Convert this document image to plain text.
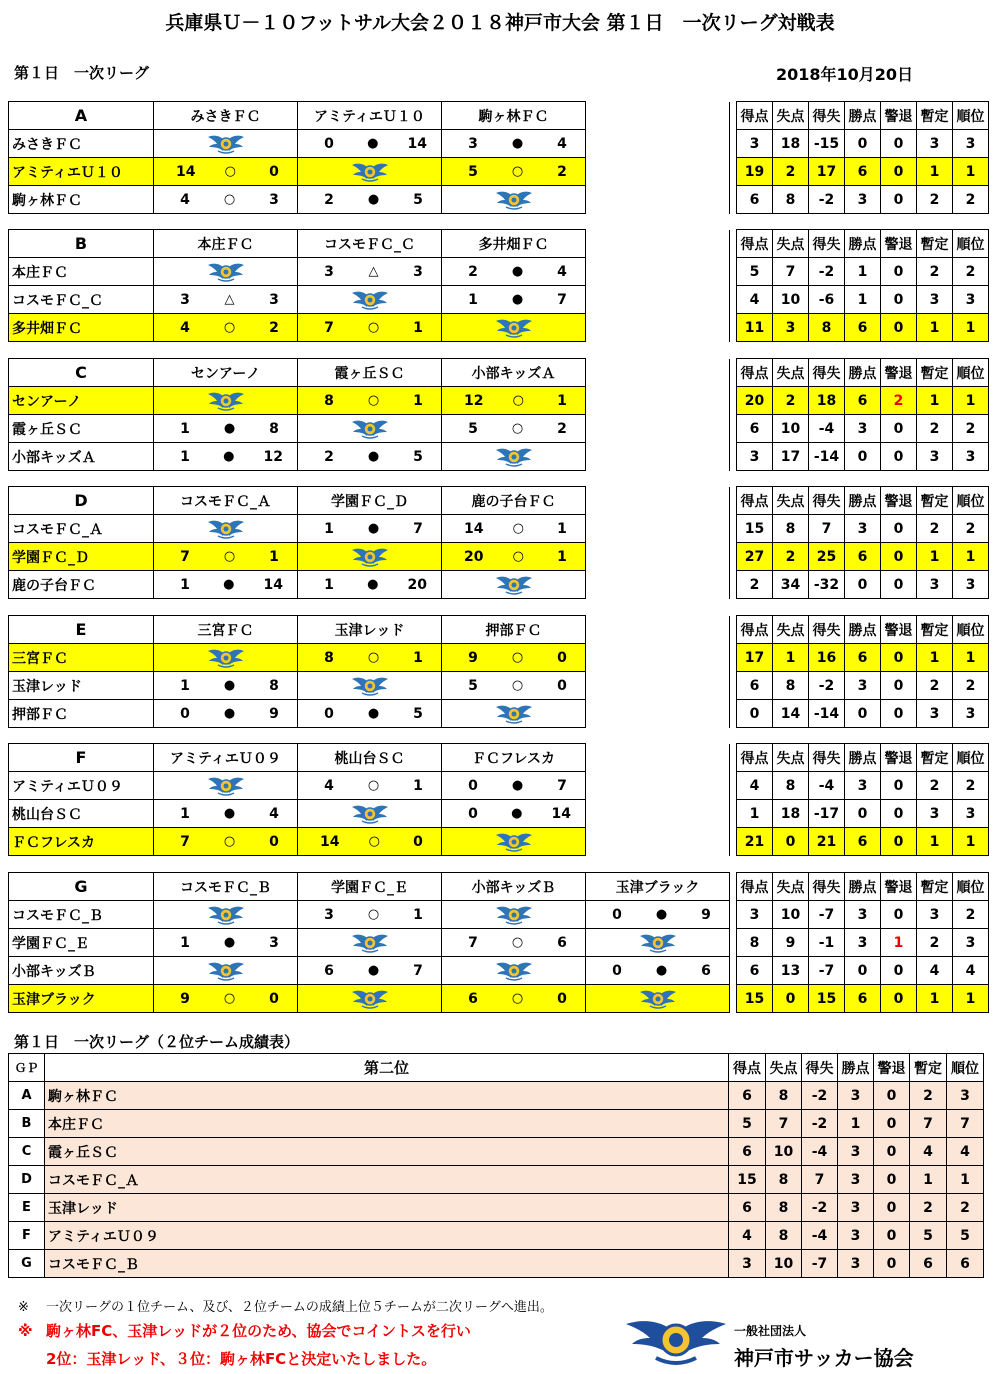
兵庫県Ｕ－１０フットサル大会２０１８神戸市大会 第１日　一次リーグ対戦表
第１日　一次リーグ	2018年10月20日
A	みさきＦＣ	アミティエＵ１０	駒ヶ林ＦＣ			得点	失点	得失	勝点	警退	暫定	順位
みさきＦＣ		0 ● 14	3 ● 4			3	18	-15	0	0	3	3
アミティエＵ１０	14 ○ 0		5 ○ 2			19	2	17	6	0	1	1
駒ヶ林ＦＣ	4 ○ 3	2 ● 5				6	8	-2	3	0	2	2
B	本庄ＦＣ	コスモＦＣ_Ｃ	多井畑ＦＣ			得点	失点	得失	勝点	警退	暫定	順位
本庄ＦＣ		3 △ 3	2 ● 4			5	7	-2	1	0	2	2
コスモＦＣ_Ｃ	3 △ 3		1 ● 7			4	10	-6	1	0	3	3
多井畑ＦＣ	4 ○ 2	7 ○ 1				11	3	8	6	0	1	1
C	センアーノ	霞ヶ丘ＳＣ	小部キッズＡ			得点	失点	得失	勝点	警退	暫定	順位
センアーノ		8 ○ 1	12 ○ 1			20	2	18	6	2	1	1
霞ヶ丘ＳＣ	1 ● 8		5 ○ 2			6	10	-4	3	0	2	2
小部キッズＡ	1 ● 12	2 ● 5				3	17	-14	0	0	3	3
D	コスモＦＣ_Ａ	学園ＦＣ_Ｄ	鹿の子台ＦＣ			得点	失点	得失	勝点	警退	暫定	順位
コスモＦＣ_Ａ		1 ● 7	14 ○ 1			15	8	7	3	0	2	2
学園ＦＣ_Ｄ	7 ○ 1		20 ○ 1			27	2	25	6	0	1	1
鹿の子台ＦＣ	1 ● 14	1 ● 20				2	34	-32	0	0	3	3
E	三宮ＦＣ	玉津レッド	押部ＦＣ			得点	失点	得失	勝点	警退	暫定	順位
三宮ＦＣ		8 ○ 1	9 ○ 0			17	1	16	6	0	1	1
玉津レッド	1 ● 8		5 ○ 0			6	8	-2	3	0	2	2
押部ＦＣ	0 ● 9	0 ● 5				0	14	-14	0	0	3	3
F	アミティエＵ０９	桃山台ＳＣ	ＦＣフレスカ			得点	失点	得失	勝点	警退	暫定	順位
アミティエＵ０９		4 ○ 1	0 ● 7			4	8	-4	3	0	2	2
桃山台ＳＣ	1 ● 4		0 ● 14			1	18	-17	0	0	3	3
ＦＣフレスカ	7 ○ 0	14 ○ 0				21	0	21	6	0	1	1
G	コスモＦＣ_Ｂ	学園ＦＣ_Ｅ	小部キッズＢ	玉津ブラック		得点	失点	得失	勝点	警退	暫定	順位
コスモＦＣ_Ｂ		3 ○ 1		0 ● 9		3	10	-7	3	0	3	2
学園ＦＣ_Ｅ	1 ● 3		7 ○ 6			8	9	-1	3	1	2	3
小部キッズＢ		6 ● 7		0 ● 6		6	13	-7	0	0	4	4
玉津ブラック	9 ○ 0		6 ○ 0			15	0	15	6	0	1	1
ＧＰ	第二位	得点	失点	得失	勝点	警退	暫定	順位
A	駒ヶ林ＦＣ	6	8	-2	3	0	2	3
B	本庄ＦＣ	5	7	-2	1	0	7	7
C	霞ヶ丘ＳＣ	6	10	-4	3	0	4	4
D	コスモＦＣ_Ａ	15	8	7	3	0	1	1
E	玉津レッド	6	8	-2	3	0	2	2
F	アミティエＵ０９	4	8	-4	3	0	5	5
G	コスモＦＣ_Ｂ	3	10	-7	3	0	6	6
第１日　一次リーグ（２位チーム成績表）
※ 一次リーグの１位チーム、及び、２位チームの成績上位５チームが二次リーグへ進出。
※ 駒ヶ林FC、玉津レッドが２位のため、協会でコイントスを行い
2位：玉津レッド、３位：駒ヶ林FCと決定いたしました。
一般社団法人
神戸市サッカー協会
